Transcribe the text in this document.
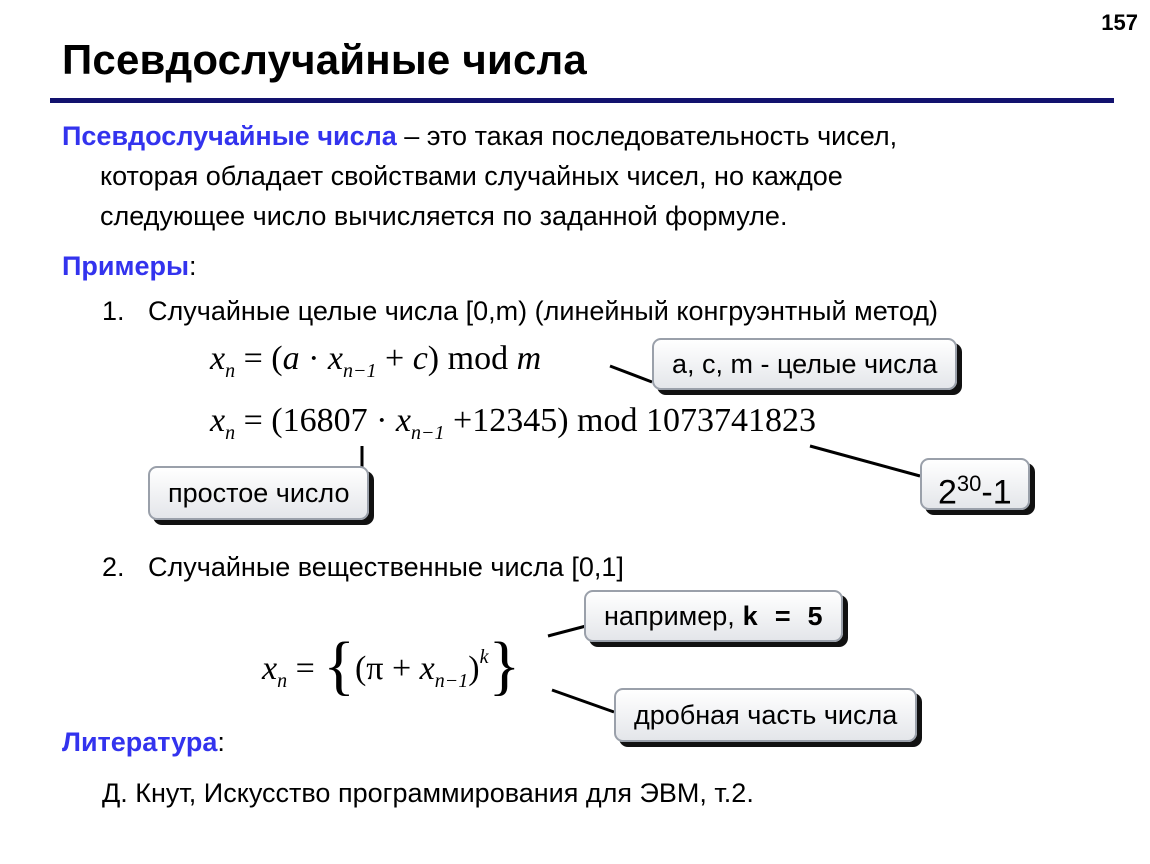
157
Псевдослучайные числа
Псевдослучайные числа – это такая последовательность чисел,
которая обладает свойствами случайных чисел, но каждое
следующее число вычисляется по заданной формуле.
Примеры:
1. Случайные целые числа [0,m) (линейный конгруэнтный метод)
$x_n = (a \cdot x_{n-1} + c)$ mod m	a, c, m - целые числа
$x_n = (16807 \cdot x_{n-1} +12345)$ mod 1073741823
простое число	$2^{30}-1$
2. Случайные вещественные числа [0,1]
например, k = 5
$x_n = \{(\pi + x_{n-1})^k\}$
дробная часть числа
Литература:
Д. Кнут, Искусство программирования для ЭВМ, т.2.
